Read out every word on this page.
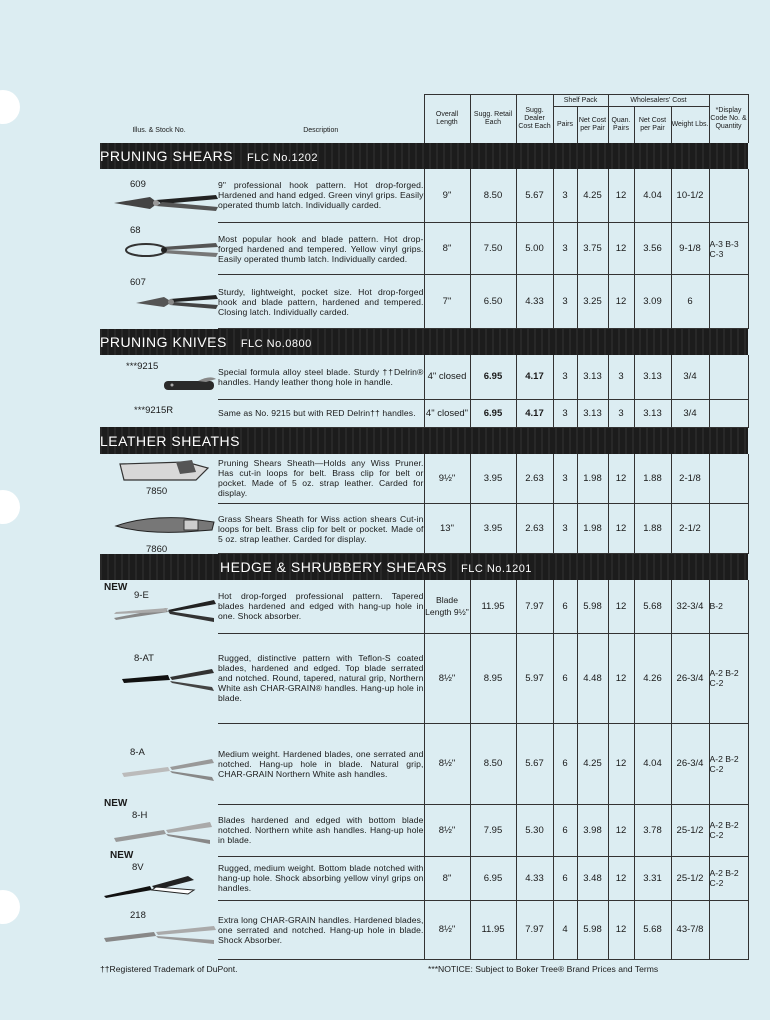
Illus. & Stock No.	Description	Overall Length	Sugg. Retail Each	Sugg. Dealer Cost Each	Shelf Pack		Wholesalers' Cost			*Display Code No. & Quantity
					Pairs	Net Cost per Pair	Quan. Pairs	Net Cost per Pair	Weight Lbs.	
PRUNING SHEARS FLC No.1202										

609	9" professional hook pattern. Hot drop-forged. Hardened and hand edged. Green vinyl grips. Easily operated thumb latch. Individually carded.	9"	8.50	5.67	3	4.25	12	4.04	10-1/2	

68	Most popular hook and blade pattern. Hot drop-forged hardened and tempered. Yellow vinyl grips. Easily operated thumb latch. Individually carded.	8"	7.50	5.00	3	3.75	12	3.56	9-1/8	A-3 B-3 C-3

607	Sturdy, lightweight, pocket size. Hot drop-forged hook and blade pattern, hardened and tempered. Closing latch. Individually carded.	7"	6.50	4.33	3	3.25	12	3.09	6	
PRUNING KNIVES FLC No.0800										

***9215	Special formula alloy steel blade. Sturdy ††Delrin® handles. Handy leather thong hole in handle.	4" closed	6.95	4.17	3	3.13	3	3.13	3/4	

***9215R	Same as No. 9215 but with RED Delrin†† handles.	4" closed"	6.95	4.17	3	3.13	3	3.13	3/4	
LEATHER SHEATHS										

7850	Pruning Shears Sheath—Holds any Wiss Pruner. Has cut-in loops for belt. Brass clip for belt or pocket. Made of 5 oz. strap leather. Carded for display.	9½"	3.95	2.63	3	1.98	12	1.88	2-1/8	

7860	Grass Shears Sheath for Wiss action shears Cut-in loops for belt. Brass clip for belt or pocket. Made of 5 oz. strap leather. Carded for display.	13"	3.95	2.63	3	1.98	12	1.88	2-1/2	
HEDGE & SHRUBBERY SHEARS FLC No.1201										

NEW
9-E	Hot drop-forged professional pattern. Tapered blades hardened and edged with hang-up hole in one. Shock absorber.	Blade Length 9½"	11.95	7.97	6	5.98	12	5.68	32-3/4	B-2

8-AT	Rugged, distinctive pattern with Teflon-S coated blades, hardened and edged. Top blade serrated and notched. Round, tapered, natural grip, Northern White ash CHAR-GRAIN® handles. Hang-up hole in blade.	8½"	8.95	5.97	6	4.48	12	4.26	26-3/4	A-2 B-2 C-2

8-A	Medium weight. Hardened blades, one serrated and notched. Hang-up hole in blade. Natural grip, CHAR-GRAIN Northern White ash handles.	8½"	8.50	5.67	6	4.25	12	4.04	26-3/4	A-2 B-2 C-2

NEW
8-H	Blades hardened and edged with bottom blade notched. Northern white ash handles. Hang-up hole in blade.	8½"	7.95	5.30	6	3.98	12	3.78	25-1/2	A-2 B-2 C-2

NEW
8V	Rugged, medium weight. Bottom blade notched with hang-up hole. Shock absorbing yellow vinyl grips on handles.	8"	6.95	4.33	6	3.48	12	3.31	25-1/2	A-2 B-2 C-2

218	Extra long CHAR-GRAIN handles. Hardened blades, one serrated and notched. Hang-up hole in blade. Shock Absorber.	8½"	11.95	7.97	4	5.98	12	5.68	43-7/8	
††Registered Trademark of DuPont.	***NOTICE: Subject to Boker Tree® Brand Prices and Terms
